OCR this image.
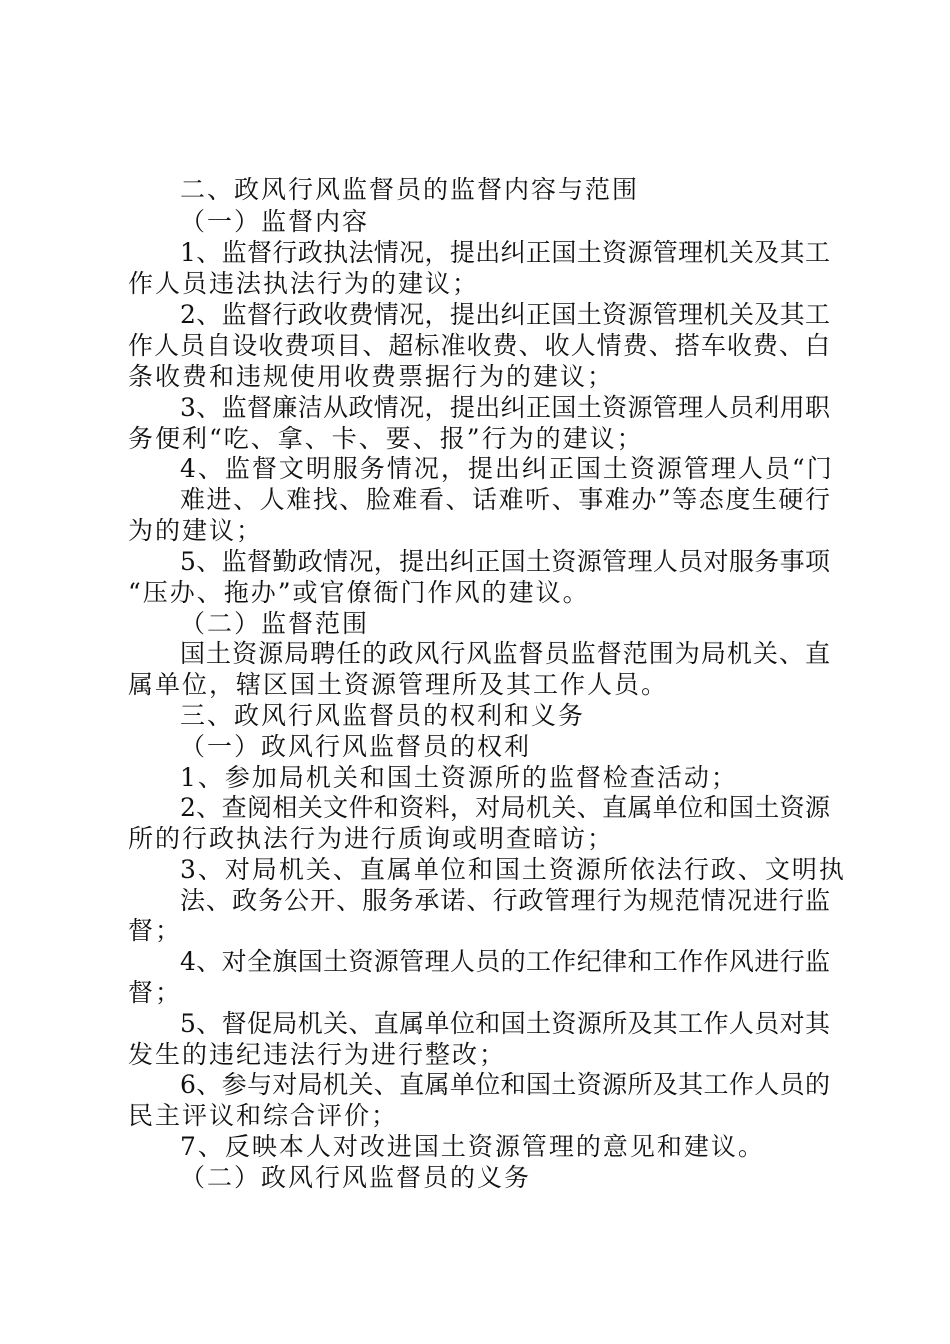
二、政风行风监督员的监督内容与范围
（一）监督内容
1、监督行政执法情况，提出纠正国土资源管理机关及其工
作人员违法执法行为的建议；
2、监督行政收费情况，提出纠正国土资源管理机关及其工
作人员自设收费项目、超标准收费、收人情费、搭车收费、白
条收费和违规使用收费票据行为的建议；
3、监督廉洁从政情况，提出纠正国土资源管理人员利用职
务便利“吃、拿、卡、要、报”行为的建议；
4、监督文明服务情况，提出纠正国土资源管理人员“门
难进、人难找、脸难看、话难听、事难办”等态度生硬行
为的建议；
5、监督勤政情况，提出纠正国土资源管理人员对服务事项
“压办、拖办”或官僚衙门作风的建议。
（二）监督范围
国土资源局聘任的政风行风监督员监督范围为局机关、直
属单位，辖区国土资源管理所及其工作人员。
三、政风行风监督员的权利和义务
（一）政风行风监督员的权利
1、参加局机关和国土资源所的监督检查活动；
2、查阅相关文件和资料，对局机关、直属单位和国土资源
所的行政执法行为进行质询或明查暗访；
3、对局机关、直属单位和国土资源所依法行政、文明执
法、政务公开、服务承诺、行政管理行为规范情况进行监
督；
4、对全旗国土资源管理人员的工作纪律和工作作风进行监
督；
5、督促局机关、直属单位和国土资源所及其工作人员对其
发生的违纪违法行为进行整改；
6、参与对局机关、直属单位和国土资源所及其工作人员的
民主评议和综合评价；
7、反映本人对改进国土资源管理的意见和建议。
（二）政风行风监督员的义务
